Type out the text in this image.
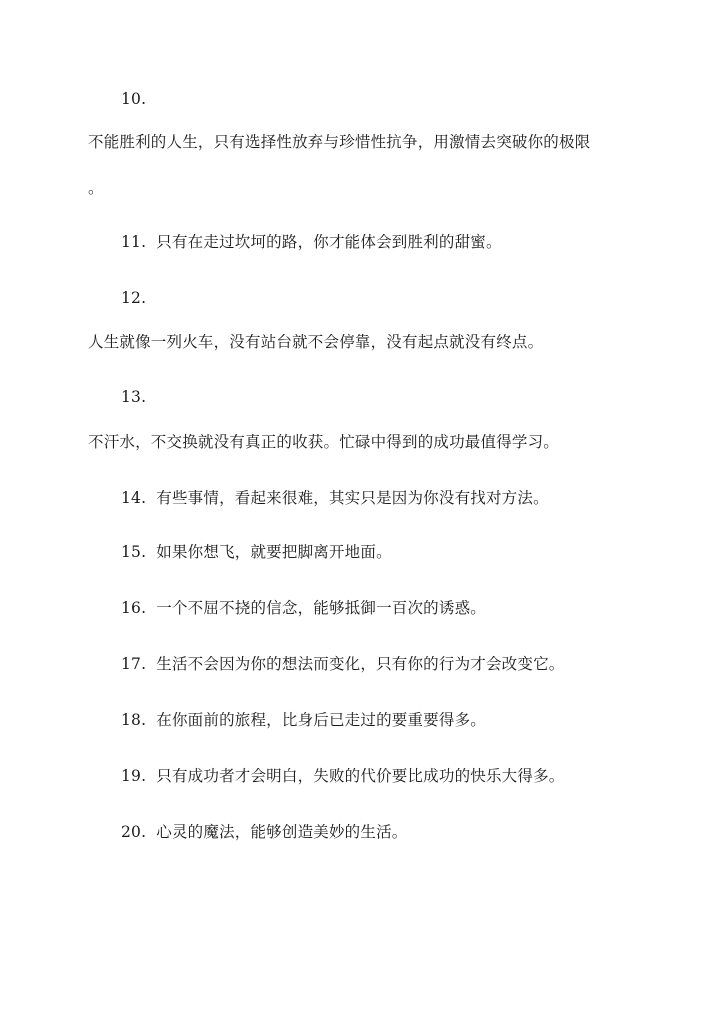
10.
不能胜利的人生，只有选择性放弃与珍惜性抗争，用激情去突破你的极限
。
11. 只有在走过坎坷的路，你才能体会到胜利的甜蜜。
12.
人生就像一列火车，没有站台就不会停靠，没有起点就没有终点。
13.
不汗水，不交换就没有真正的收获。忙碌中得到的成功最值得学习。
14. 有些事情，看起来很难，其实只是因为你没有找对方法。
15. 如果你想飞，就要把脚离开地面。
16. 一个不屈不挠的信念，能够抵御一百次的诱惑。
17. 生活不会因为你的想法而变化，只有你的行为才会改变它。
18. 在你面前的旅程，比身后已走过的要重要得多。
19. 只有成功者才会明白，失败的代价要比成功的快乐大得多。
20. 心灵的魔法，能够创造美妙的生活。
